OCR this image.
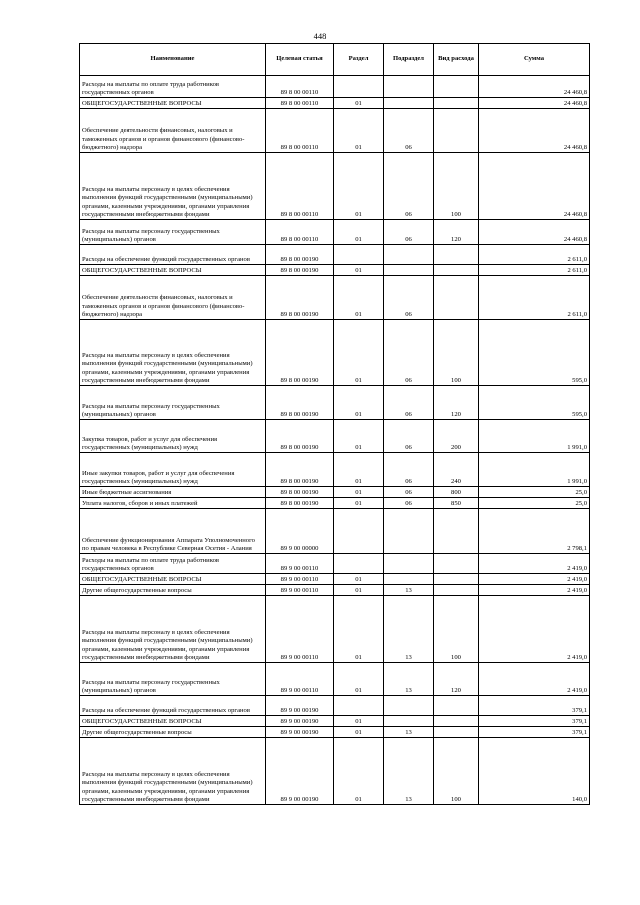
448
Наименование	Целевая статья	Раздел	Подраздел	Вид расхода	Сумма
Расходы на выплаты по оплате труда работников государственных органов	89 8 00 00110				24 460,8
ОБЩЕГОСУДАРСТВЕННЫЕ ВОПРОСЫ	89 8 00 00110	01			24 460,8
Обеспечение деятельности финансовых, налоговых и таможенных органов и органов финансового (финансово-бюджетного) надзора	89 8 00 00110	01	06		24 460,8
Расходы на выплаты персоналу в целях обеспечения выполнения функций государственными (муниципальными) органами, казенными учреждениями, органами управления государственными внебюджетными фондами	89 8 00 00110	01	06	100	24 460,8
Расходы на выплаты персоналу государственных (муниципальных) органов	89 8 00 00110	01	06	120	24 460,8
Расходы на обеспечение функций государственных органов	89 8 00 00190				2 611,0
ОБЩЕГОСУДАРСТВЕННЫЕ ВОПРОСЫ	89 8 00 00190	01			2 611,0
Обеспечение деятельности финансовых, налоговых и таможенных органов и органов финансового (финансово-бюджетного) надзора	89 8 00 00190	01	06		2 611,0
Расходы на выплаты персоналу в целях обеспечения выполнения функций государственными (муниципальными) органами, казенными учреждениями, органами управления государственными внебюджетными фондами	89 8 00 00190	01	06	100	595,0
Расходы на выплаты персоналу государственных (муниципальных) органов	89 8 00 00190	01	06	120	595,0
Закупка товаров, работ и услуг для обеспечения государственных (муниципальных) нужд	89 8 00 00190	01	06	200	1 991,0
Иные закупки товаров, работ и услуг для обеспечения государственных (муниципальных) нужд	89 8 00 00190	01	06	240	1 991,0
Иные бюджетные ассигнования	89 8 00 00190	01	06	800	25,0
Уплата налогов, сборов и иных платежей	89 8 00 00190	01	06	850	25,0
Обеспечение функционирования Аппарата Уполномоченного по правам человека в Республике Северная Осетия - Алания	89 9 00 00000				2 798,1
Расходы на выплаты по оплате труда работников государственных органов	89 9 00 00110				2 419,0
ОБЩЕГОСУДАРСТВЕННЫЕ ВОПРОСЫ	89 9 00 00110	01			2 419,0
Другие общегосударственные вопросы	89 9 00 00110	01	13		2 419,0
Расходы на выплаты персоналу в целях обеспечения выполнения функций государственными (муниципальными) органами, казенными учреждениями, органами управления государственными внебюджетными фондами	89 9 00 00110	01	13	100	2 419,0
Расходы на выплаты персоналу государственных (муниципальных) органов	89 9 00 00110	01	13	120	2 419,0
Расходы на обеспечение функций государственных органов	89 9 00 00190				379,1
ОБЩЕГОСУДАРСТВЕННЫЕ ВОПРОСЫ	89 9 00 00190	01			379,1
Другие общегосударственные вопросы	89 9 00 00190	01	13		379,1
Расходы на выплаты персоналу в целях обеспечения выполнения функций государственными (муниципальными) органами, казенными учреждениями, органами управления государственными внебюджетными фондами	89 9 00 00190	01	13	100	140,0
